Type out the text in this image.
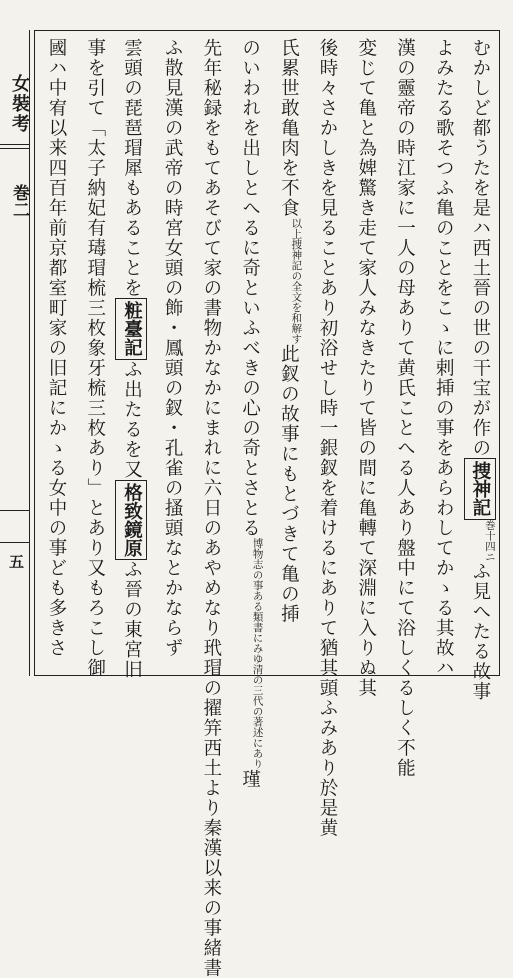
女裝考
巻二
五
むかしど都うたを是ハ西土晉の世の干宝が作の捜神記巻十四ニふ見へたる故事
よみたる歌そつふ亀のことをこゝに剌挿の事をあらわしてかゝる其故ハ
漢の靈帝の時江家に一人の母ありて黄氏ことへる人あり盤中にて浴しくるしく不能
変じて亀と為婢驚き走て家人みなきたりて皆の間に亀轉て深淵に入りぬ其
後時々さかしきを見ることあり初浴せし時一銀釵を着けるにありて猶其頭ふみあり於是黄
氏累世敢亀肉を不食以上捜神記の全文を和解す此釵の故事にもとづきて亀の揷
のいわれを出しとへるに奇といふべきの心の奇とさとる博物志の事ある類書にみゆ清の三代の著述にあり瑾
先年秘録をもてあそびて家の書物かなかにまれに六日のあやめなり玳瑁の擢笄西土より秦漢以来の事緒書
ふ散見漢の武帝の時宮女頭の飾・鳳頭の釵・孔雀の搔頭なとかならず
雲頭の琵琶瑁犀もあることを粧臺記ふ出たるを又格致鏡原ふ晉の東宮旧
事を引て「太子納妃有瑇瑁梳三枚象牙梳三枚あり」とあり又もろこし御
國ハ中宥以来四百年前京都室町家の旧記にかゝる女中の事ども多きさ
